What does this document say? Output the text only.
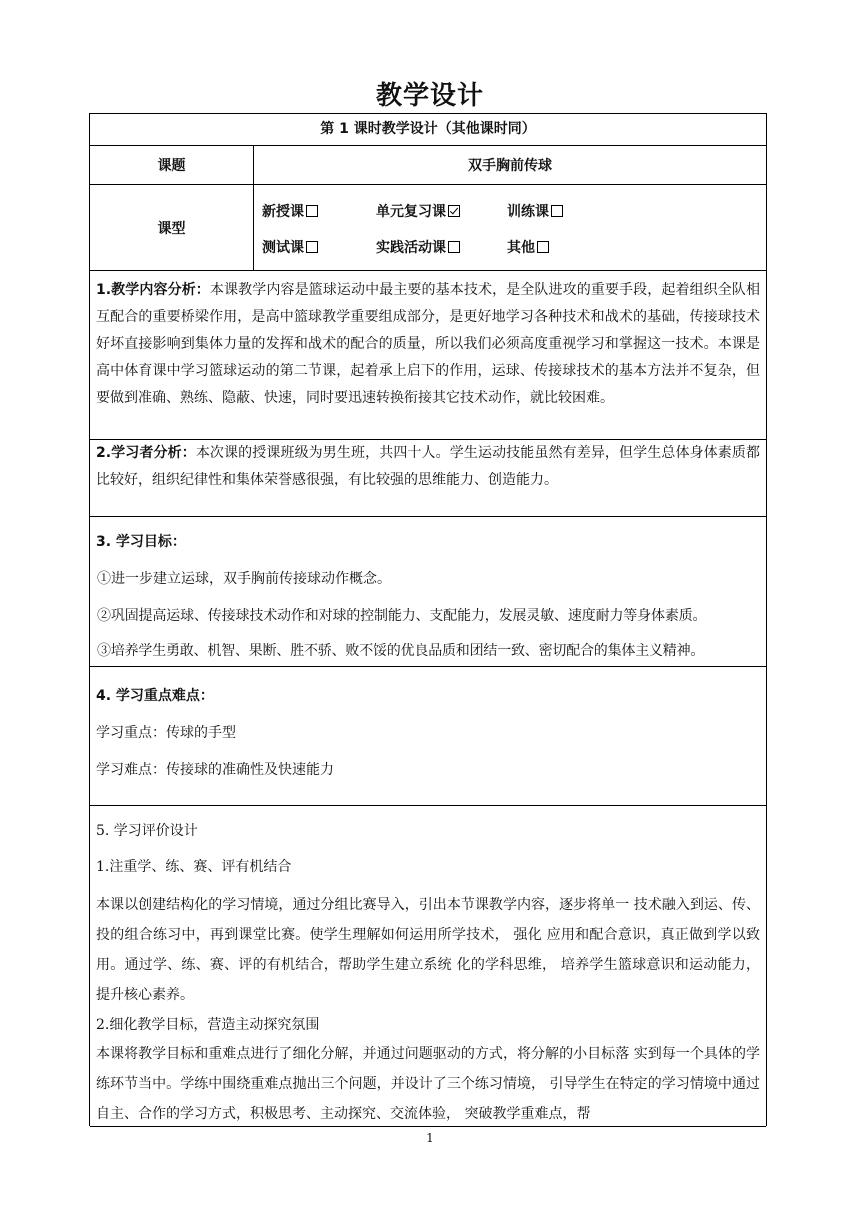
教学设计
第 1 课时教学设计（其他课时同）
课题	双手胸前传球
课型
新授课	单元复习课	训练课
测试课	实践活动课	其他
1.教学内容分析：本课教学内容是篮球运动中最主要的基本技术，是全队进攻的重要手段，起着组织全队相互配合的重要桥梁作用，是高中篮球教学重要组成部分，是更好地学习各种技术和战术的基础，传接球技术好坏直接影响到集体力量的发挥和战术的配合的质量，所以我们必须高度重视学习和掌握这一技术。本课是高中体育课中学习篮球运动的第二节课，起着承上启下的作用，运球、传接球技术的基本方法并不复杂，但要做到准确、熟练、隐蔽、快速，同时要迅速转换衔接其它技术动作，就比较困难。
2.学习者分析：本次课的授课班级为男生班，共四十人。学生运动技能虽然有差异，但学生总体身体素质都比较好，组织纪律性和集体荣誉感很强，有比较强的思维能力、创造能力。
3. 学习目标：
①进一步建立运球，双手胸前传接球动作概念。
②巩固提高运球、传接球技术动作和对球的控制能力、支配能力，发展灵敏、速度耐力等身体素质。
③培养学生勇敢、机智、果断、胜不骄、败不馁的优良品质和团结一致、密切配合的集体主义精神。
4. 学习重点难点：
学习重点：传球的手型
学习难点：传接球的准确性及快速能力
5. 学习评价设计
1.注重学、练、赛、评有机结合
本课以创建结构化的学习情境，通过分组比赛导入，引出本节课教学内容，逐步将单一 技术融入到运、传、投的组合练习中，再到课堂比赛。使学生理解如何运用所学技术， 强化 应用和配合意识，真正做到学以致用。通过学、练、赛、评的有机结合，帮助学生建立系统 化的学科思维， 培养学生篮球意识和运动能力，提升核心素养。
2.细化教学目标，营造主动探究氛围
本课将教学目标和重难点进行了细化分解，并通过问题驱动的方式，将分解的小目标落 实到每一个具体的学练环节当中。学练中围绕重难点抛出三个问题，并设计了三个练习情境， 引导学生在特定的学习情境中通过自主、合作的学习方式，积极思考、主动探究、交流体验， 突破教学重难点，帮
1
